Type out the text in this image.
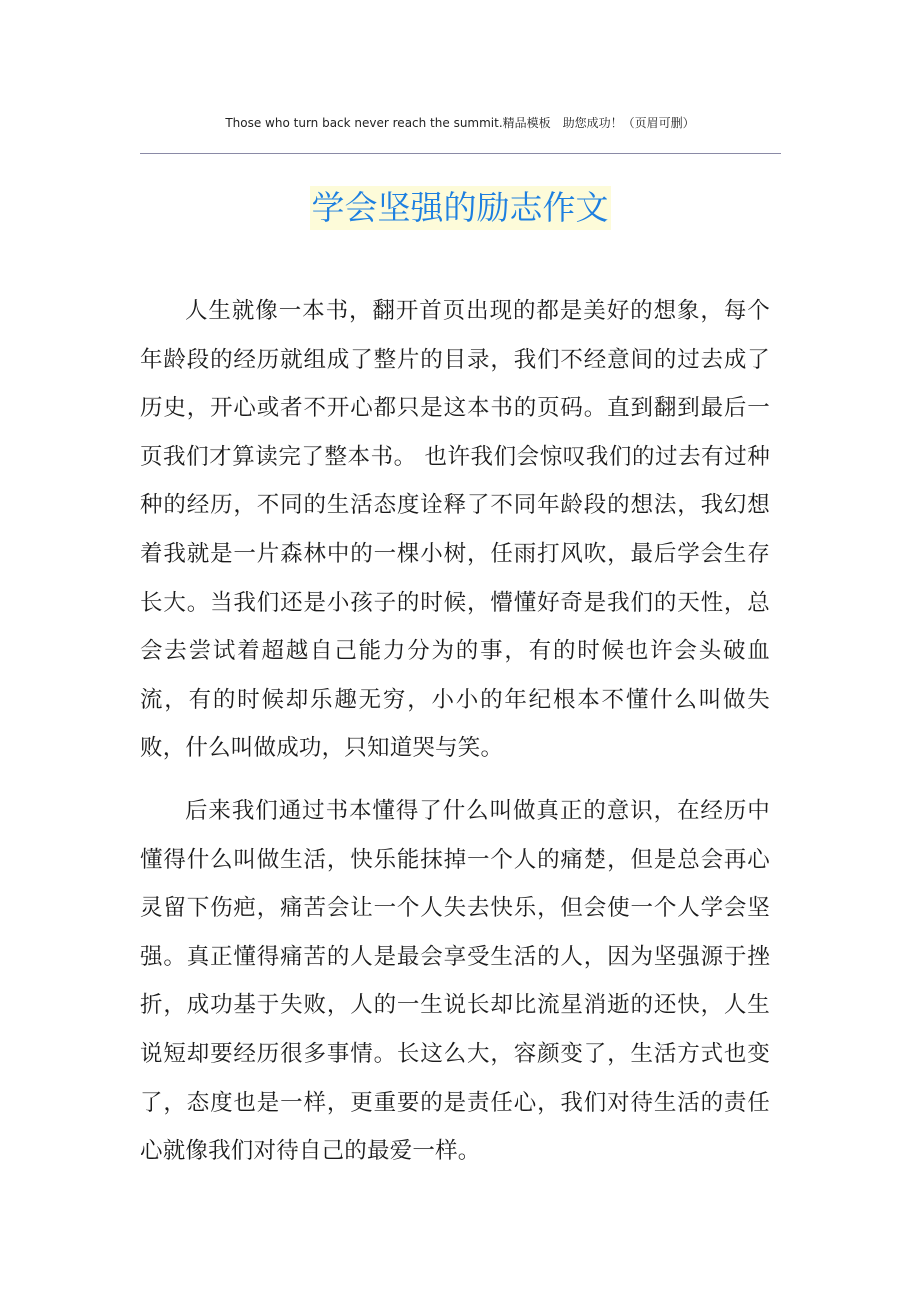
Those who turn back never reach the summit.精品模板　助您成功！（页眉可删）
学会坚强的励志作文

人生就像一本书，翻开首页出现的都是美好的想象，每个年龄段的经历就组成了整片的目录，我们不经意间的过去成了历史，开心或者不开心都只是这本书的页码。直到翻到最后一页我们才算读完了整本书。 也许我们会惊叹我们的过去有过种种的经历，不同的生活态度诠释了不同年龄段的想法，我幻想着我就是一片森林中的一棵小树，任雨打风吹，最后学会生存长大。当我们还是小孩子的时候，懵懂好奇是我们的天性，总会去尝试着超越自己能力分为的事，有的时候也许会头破血流，有的时候却乐趣无穷，小小的年纪根本不懂什么叫做失败，什么叫做成功，只知道哭与笑。

后来我们通过书本懂得了什么叫做真正的意识，在经历中懂得什么叫做生活，快乐能抹掉一个人的痛楚，但是总会再心灵留下伤疤，痛苦会让一个人失去快乐，但会使一个人学会坚强。真正懂得痛苦的人是最会享受生活的人，因为坚强源于挫折，成功基于失败，人的一生说长却比流星消逝的还快，人生说短却要经历很多事情。长这么大，容颜变了，生活方式也变了，态度也是一样，更重要的是责任心，我们对待生活的责任心就像我们对待自己的最爱一样。
